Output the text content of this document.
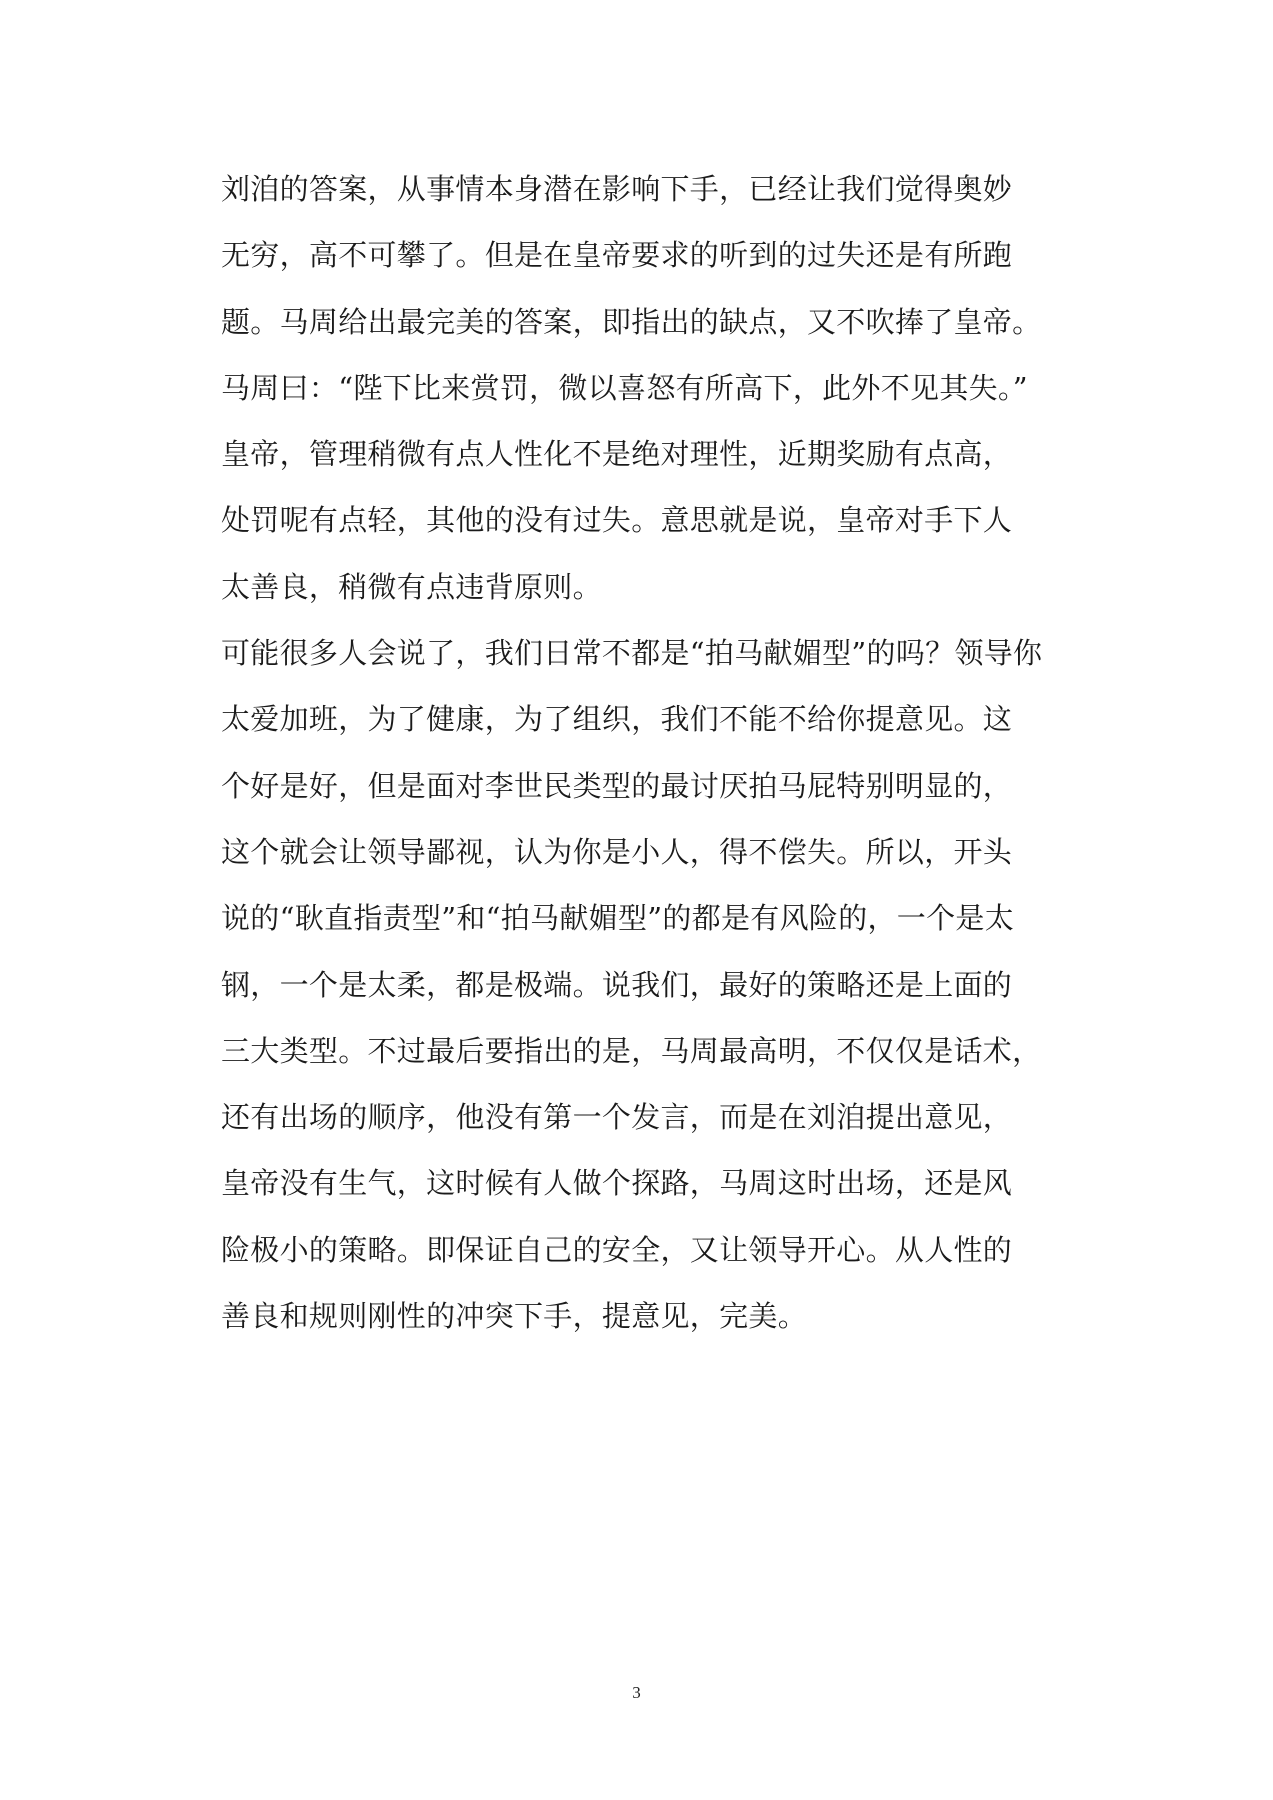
刘洎的答案，从事情本身潜在影响下手，已经让我们觉得奥妙
无穷，高不可攀了。但是在皇帝要求的听到的过失还是有所跑
题。马周给出最完美的答案，即指出的缺点，又不吹捧了皇帝。
马周曰：“陛下比来赏罚，微以喜怒有所高下，此外不见其失。”
皇帝，管理稍微有点人性化不是绝对理性，近期奖励有点高，
处罚呢有点轻，其他的没有过失。意思就是说，皇帝对手下人
太善良，稍微有点违背原则。
可能很多人会说了，我们日常不都是“拍马献媚型”的吗？领导你
太爱加班，为了健康，为了组织，我们不能不给你提意见。这
个好是好，但是面对李世民类型的最讨厌拍马屁特别明显的，
这个就会让领导鄙视，认为你是小人，得不偿失。所以，开头
说的“耿直指责型”和“拍马献媚型”的都是有风险的，一个是太
钢，一个是太柔，都是极端。说我们，最好的策略还是上面的
三大类型。不过最后要指出的是，马周最高明，不仅仅是话术，
还有出场的顺序，他没有第一个发言，而是在刘洎提出意见，
皇帝没有生气，这时候有人做个探路，马周这时出场，还是风
险极小的策略。即保证自己的安全，又让领导开心。从人性的
善良和规则刚性的冲突下手，提意见，完美。
3
